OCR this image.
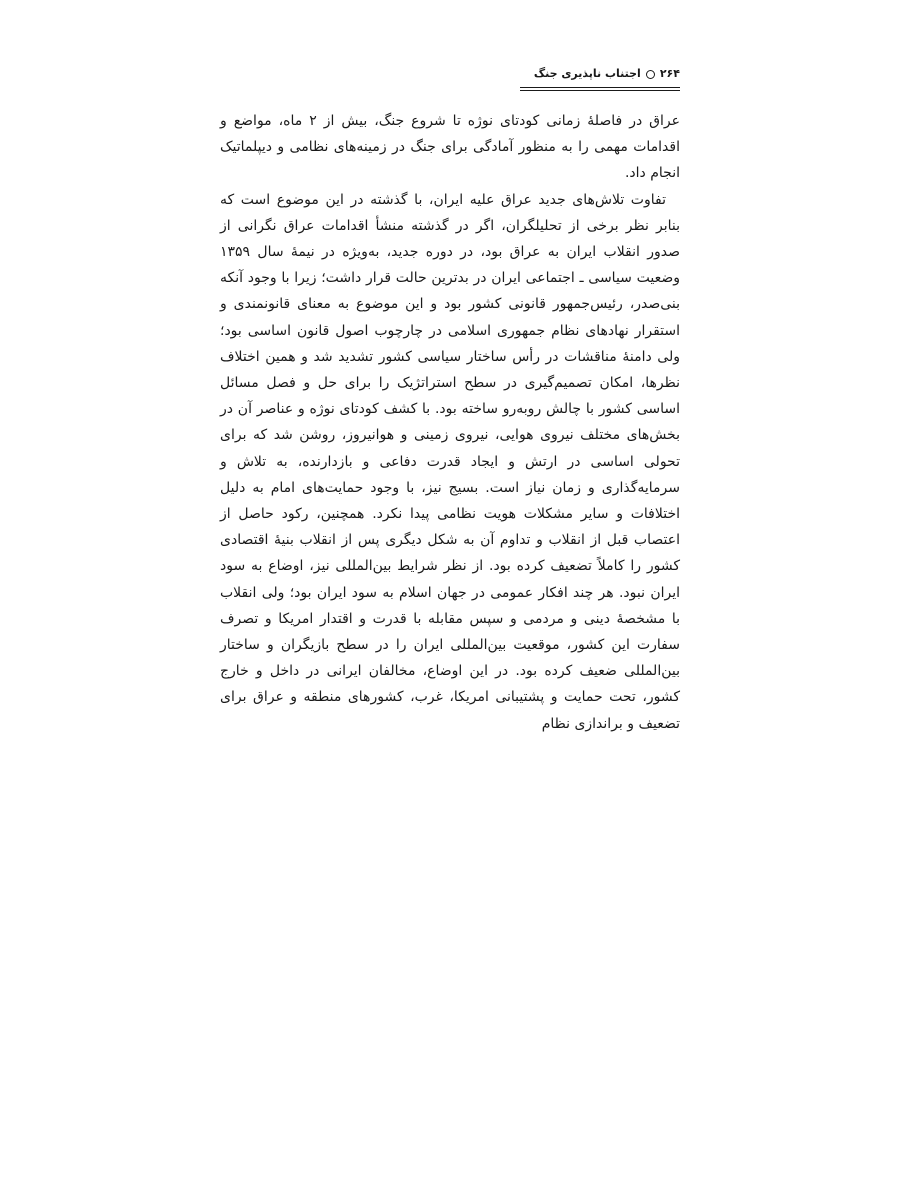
۲۶۴اجتناب ناپذیری جنگ

عراق در فاصلهٔ زمانی کودتای نوژه تا شروع جنگ، بیش از ۲ ماه، مواضع و اقدامات مهمی را به منظور آمادگی برای جنگ در زمینه‌های نظامی و دیپلماتیک انجام داد.

تفاوت تلاش‌های جدید عراق علیه ایران، با گذشته در این موضوع است که بنابر نظر برخی از تحلیلگران، اگر در گذشته منشأ اقدامات عراق نگرانی از صدور انقلاب ایران به عراق بود، در دوره جدید، به‌ویژه در نیمهٔ سال ۱۳۵۹ وضعیت سیاسی ـ اجتماعی ایران در بدترین حالت قرار داشت؛ زیرا با وجود آنکه بنی‌صدر، رئیس‌جمهور قانونی کشور بود و این موضوع به معنای قانونمندی و استقرار نهادهای نظام جمهوری اسلامی در چارچوب اصول قانون اساسی بود؛ ولی دامنهٔ مناقشات در رأس ساختار سیاسی کشور تشدید شد و همین اختلاف نظرها، امکان تصمیم‌گیری در سطح استراتژیک را برای حل و فصل مسائل اساسی کشور با چالش روبه‌رو ساخته بود. با کشف کودتای نوژه و عناصر آن در بخش‌های مختلف نیروی هوایی، نیروی زمینی و هوانیروز، روشن شد که برای تحولی اساسی در ارتش و ایجاد قدرت دفاعی و بازدارنده، به تلاش و سرمایه‌گذاری و زمان نیاز است. بسیج نیز، با وجود حمایت‌های امام به دلیل اختلافات و سایر مشکلات هویت نظامی پیدا نکرد. همچنین، رکود حاصل از اعتصاب قبل از انقلاب و تداوم آن به شکل دیگری پس از انقلاب بنیهٔ اقتصادی کشور را کاملاً تضعیف کرده بود. از نظر شرایط بین‌المللی نیز، اوضاع به سود ایران نبود. هر چند افکار عمومی در جهان اسلام به سود ایران بود؛ ولی انقلاب با مشخصهٔ دینی و مردمی و سپس مقابله با قدرت و اقتدار امریکا و تصرف سفارت این کشور، موقعیت بین‌المللی ایران را در سطح بازیگران و ساختار بین‌المللی ضعیف کرده بود. در این اوضاع، مخالفان ایرانی در داخل و خارج کشور، تحت حمایت و پشتیبانی امریکا، غرب، کشورهای منطقه و عراق برای تضعیف و براندازی نظام
